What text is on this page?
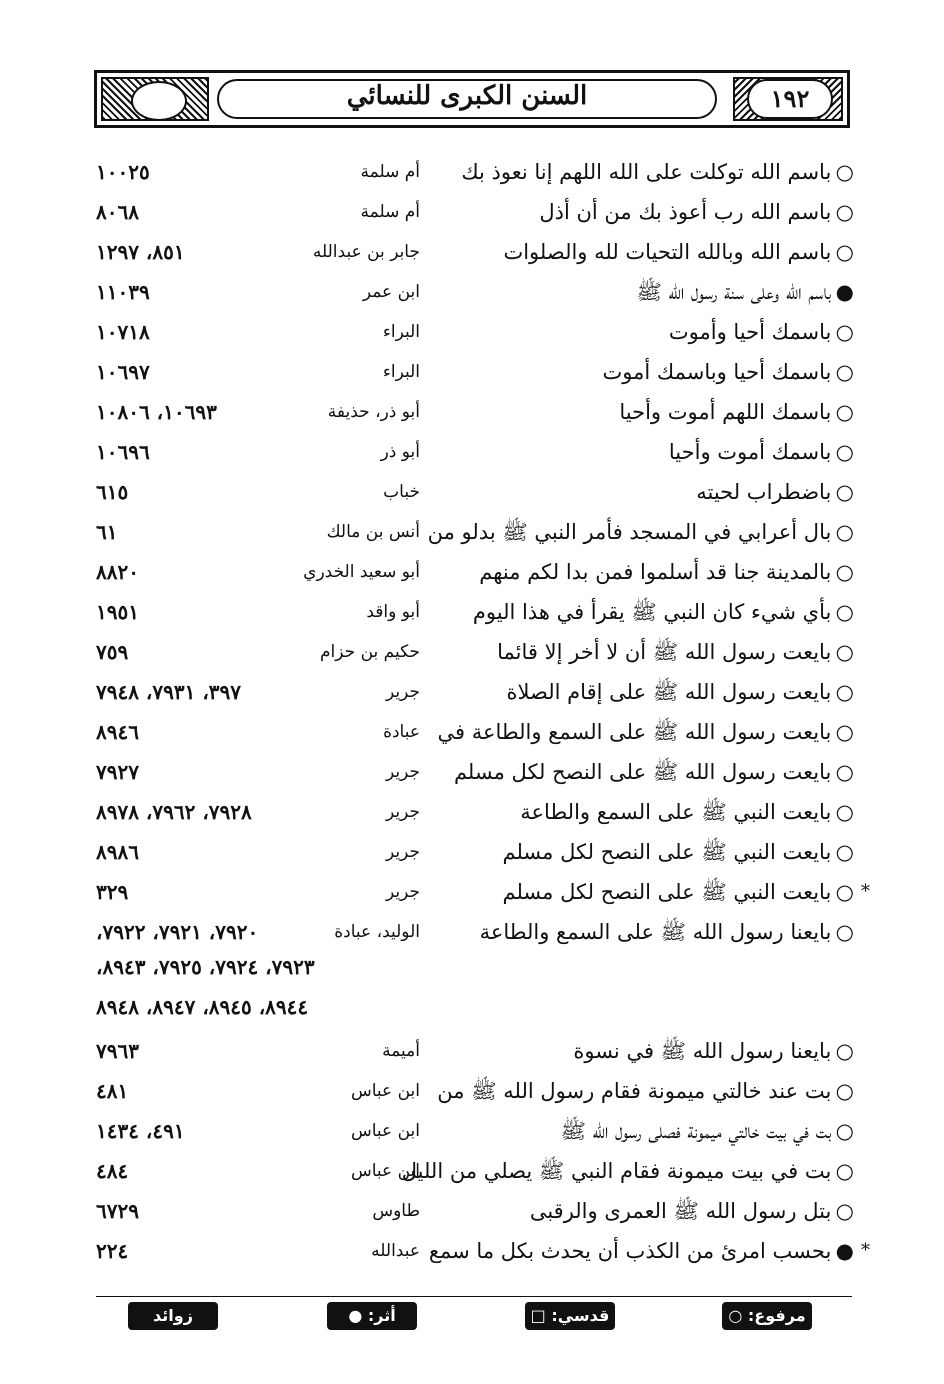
السنن الكبرى للنسائي	١٩٢
○ باسم الله توكلت على الله اللهم إنا نعوذ بك
أم سلمة
١٠٠٢٥
○ باسم الله رب أعوذ بك من أن أذل
أم سلمة
٨٠٦٨
○ باسم الله وبالله التحيات لله والصلوات
جابر بن عبدالله
٨٥١، ١٢٩٧
● باسم الله وعلى سنة رسول الله ﷺ
ابن عمر
١١٠٣٩
○ باسمك أحيا وأموت
البراء
١٠٧١٨
○ باسمك أحيا وباسمك أموت
البراء
١٠٦٩٧
○ باسمك اللهم أموت وأحيا
أبو ذر، حذيفة
١٠٦٩٣، ١٠٨٠٦
○ باسمك أموت وأحيا
أبو ذر
١٠٦٩٦
○ باضطراب لحيته
خباب
٦١٥
○ بال أعرابي في المسجد فأمر النبي ﷺ بدلو من
أنس بن مالك
٦١
○ بالمدينة جنا قد أسلموا فمن بدا لكم منهم
أبو سعيد الخدري
٨٨٢٠
○ بأي شيء كان النبي ﷺ يقرأ في هذا اليوم
أبو واقد
١٩٥١
○ بايعت رسول الله ﷺ أن لا أخر إلا قائما
حكيم بن حزام
٧٥٩
○ بايعت رسول الله ﷺ على إقام الصلاة
جرير
٣٩٧، ٧٩٣١، ٧٩٤٨
○ بايعت رسول الله ﷺ على السمع والطاعة في
عبادة
٨٩٤٦
○ بايعت رسول الله ﷺ على النصح لكل مسلم
جرير
٧٩٢٧
○ بايعت النبي ﷺ على السمع والطاعة
جرير
٧٩٢٨، ٧٩٦٢، ٨٩٧٨
○ بايعت النبي ﷺ على النصح لكل مسلم
جرير
٨٩٨٦
*
○ بايعت النبي ﷺ على النصح لكل مسلم
جرير
٣٢٩
○ بايعنا رسول الله ﷺ على السمع والطاعة
الوليد، عبادة
٧٩٢٠، ٧٩٢١، ٧٩٢٢،
٧٩٢٣، ٧٩٢٤، ٧٩٢٥، ٨٩٤٣،
٨٩٤٤، ٨٩٤٥، ٨٩٤٧، ٨٩٤٨
○ بايعنا رسول الله ﷺ في نسوة
أميمة
٧٩٦٣
○ بت عند خالتي ميمونة فقام رسول الله ﷺ من
ابن عباس
٤٨١
○ بت في بيت خالتي ميمونة فصلى رسول الله ﷺ
ابن عباس
٤٩١، ١٤٣٤
○ بت في بيت ميمونة فقام النبي ﷺ يصلي من الليل
ابن عباس
٤٨٤
○ بتل رسول الله ﷺ العمرى والرقبى
طاوس
٦٧٢٩
*
● بحسب امرئ من الكذب أن يحدث بكل ما سمع
عبدالله
٢٢٤
مرفوع: ○
قدسي: □
أثر: ●
زوائد تحفة: ❊
